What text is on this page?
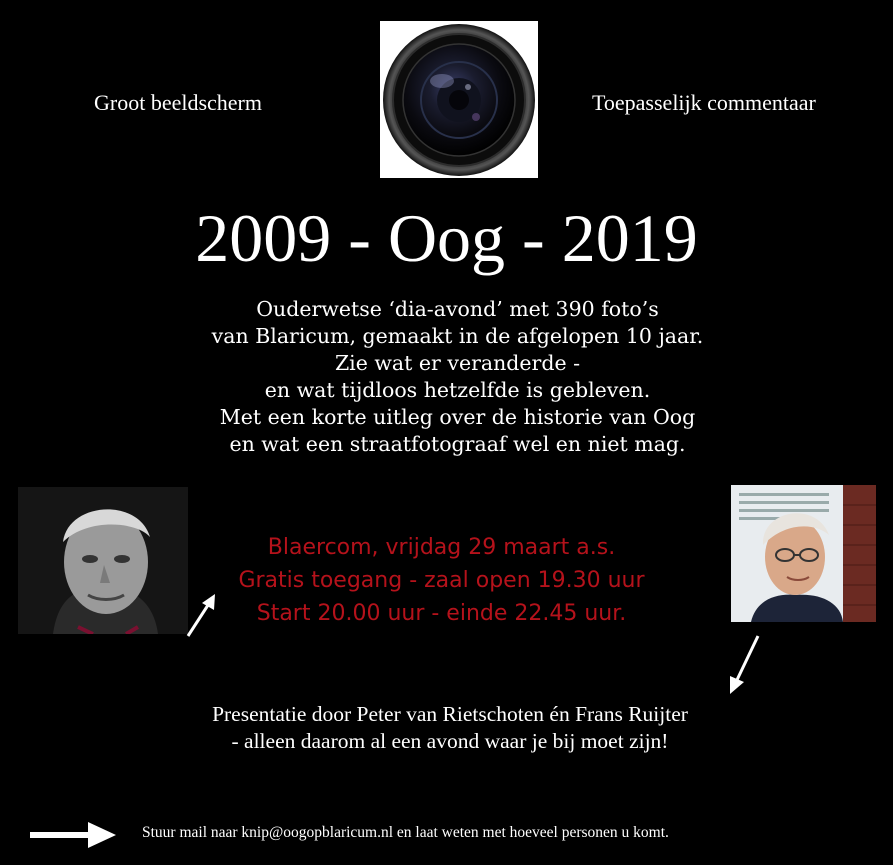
Groot beeldscherm	Toepasselijk commentaar
2009 - Oog - 2019
Ouderwetse ‘dia-avond’ met 390 foto’s
van Blaricum, gemaakt in de afgelopen 10 jaar.
Zie wat er veranderde -
en wat tijdloos hetzelfde is gebleven.
Met een korte uitleg over de historie van Oog
en wat een straatfotograaf wel en niet mag.
Blaercom, vrijdag 29 maart a.s.
Gratis toegang - zaal open 19.30 uur
Start 20.00 uur - einde 22.45 uur.
Presentatie door Peter van Rietschoten én Frans Ruijter
- alleen daarom al een avond waar je bij moet zijn!
Stuur mail naar knip@oogopblaricum.nl en laat weten met hoeveel personen u komt.
